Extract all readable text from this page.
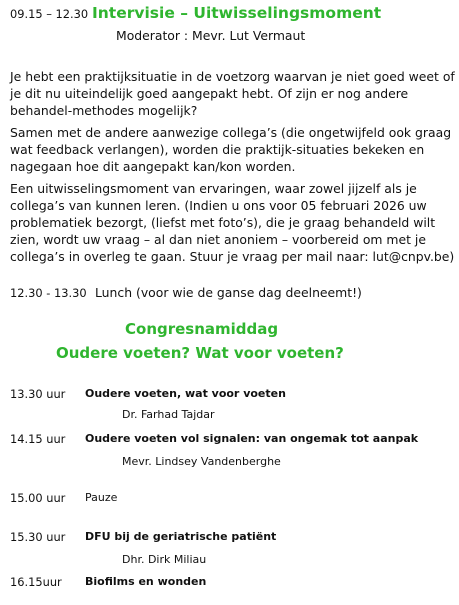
09.15 – 12.30 Intervisie – Uitwisselingsmoment
Moderator : Mevr. Lut Vermaut
Je hebt een praktijksituatie in de voetzorg waarvan je niet goed weet of je dit nu uiteindelijk goed aangepakt hebt. Of zijn er nog andere behandel-methodes mogelijk?
Samen met de andere aanwezige collega’s (die ongetwijfeld ook graag wat feedback verlangen), worden die praktijk-situaties bekeken en nagegaan hoe dit aangepakt kan/kon worden.
Een uitwisselingsmoment van ervaringen, waar zowel jijzelf als je collega’s van kunnen leren. (Indien u ons voor 05 februari 2026 uw problematiek bezorgt, (liefst met foto’s), die je graag behandeld wilt zien, wordt uw vraag – al dan niet anoniem – voorbereid om met je collega’s in overleg te gaan. Stuur je vraag per mail naar: lut@cnpv.be)
12.30 - 13.30 Lunch (voor wie de ganse dag deelneemt!)
Congresnamiddag
Oudere voeten? Wat voor voeten?
13.30 uur Oudere voeten, wat voor voeten
Dr. Farhad Tajdar
14.15 uur Oudere voeten vol signalen: van ongemak tot aanpak
Mevr. Lindsey Vandenberghe
15.00 uur Pauze
15.30 uur DFU bij de geriatrische patiënt
Dhr. Dirk Miliau
16.15uur Biofilms en wonden
